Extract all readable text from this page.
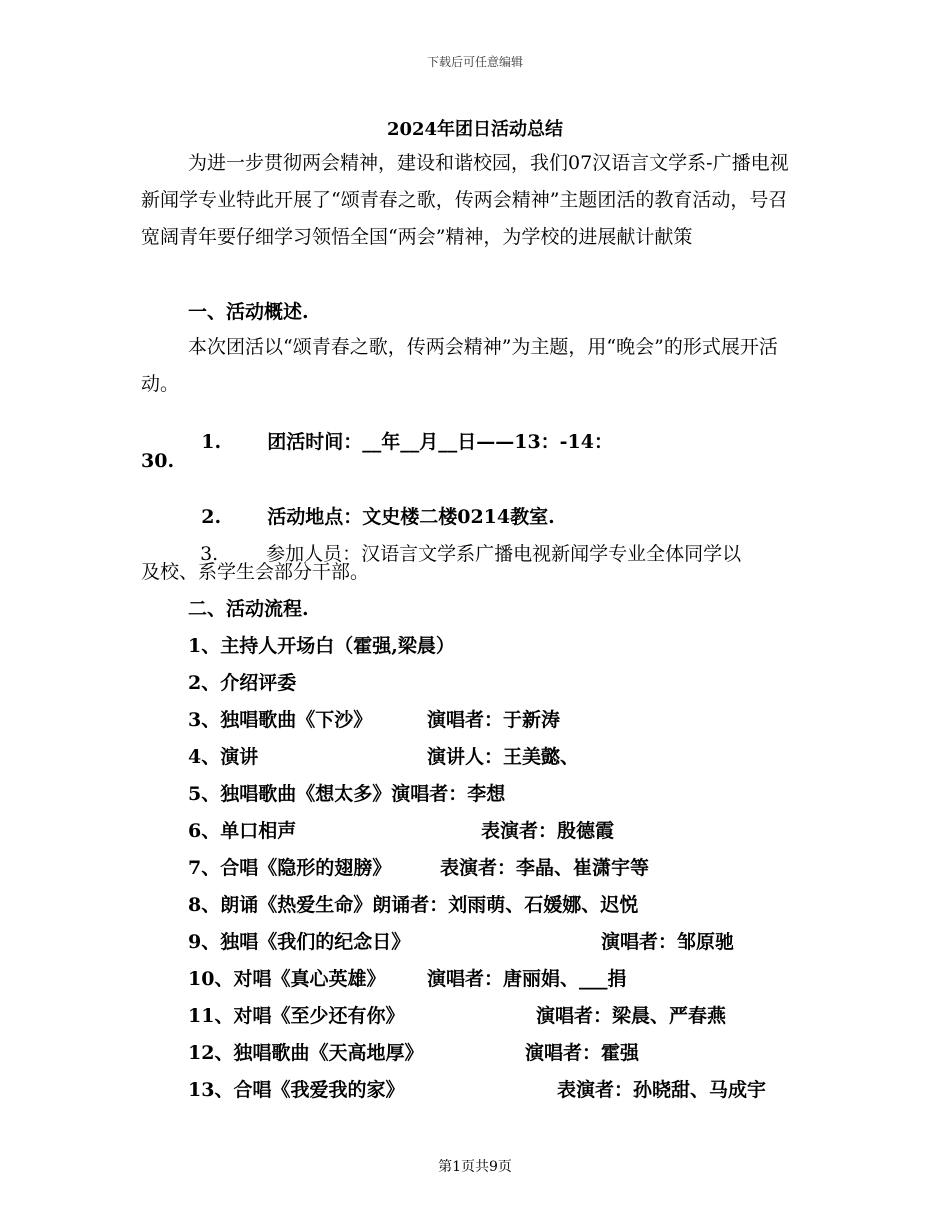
下载后可任意编辑
2024年团日活动总结
为进一步贯彻两会精神，建设和谐校园，我们07汉语言文学系-广播电视新闻学专业特此开展了“颂青春之歌，传两会精神”主题团活的教育活动，号召宽阔青年要仔细学习领悟全国“两会”精神，为学校的进展献计献策
一、活动概述.
本次团活以“颂青春之歌，传两会精神”为主题，用“晚会”的形式展开活动。

1. 团活时间：__年__月__日——13：-14：

30.

2. 活动地点：文史楼二楼0214教室.

3.	参加人员：汉语言文学系广播电视新闻学专业全体同学以

及校、系学生会部分干部。
二、活动流程.
1、主持人开场白（霍强,梁晨）
2、介绍评委
3、独唱歌曲《下沙》	演唱者：于新涛
4、演讲	演讲人：王美懿、
5、独唱歌曲《想太多》演唱者：李想
6、单口相声	表演者：殷德霞
7、合唱《隐形的翅膀》	表演者：李晶、崔潇宇等
8、朗诵《热爱生命》朗诵者：刘雨萌、石媛娜、迟悦
9、独唱《我们的纪念日》	演唱者：邹原驰
10、对唱《真心英雄》 演唱者：唐丽娟、___捐
11、对唱《至少还有你》	演唱者：梁晨、严春燕
12、独唱歌曲《天高地厚》	演唱者：霍强
13、合唱《我爱我的家》	表演者：孙晓甜、马成宇
第1页共9页
